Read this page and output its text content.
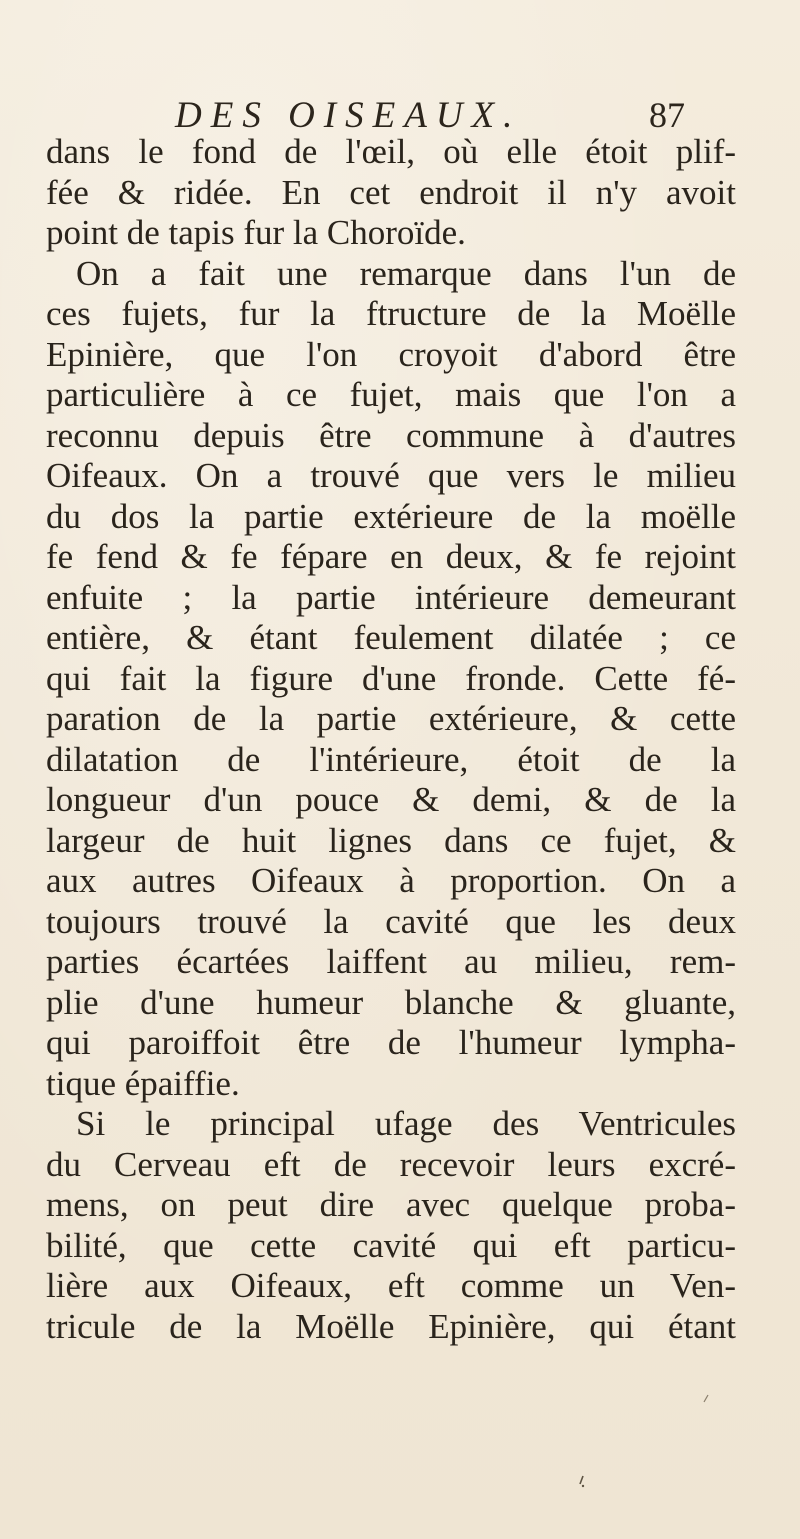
DES OISEAUX.	87
dans le fond de l'œil, où elle étoit plif-
fée & ridée. En cet endroit il n'y avoit
point de tapis fur la Choroïde.
On a fait une remarque dans l'un de
ces fujets, fur la ftructure de la Moëlle
Epinière, que l'on croyoit d'abord être
particulière à ce fujet, mais que l'on a
reconnu depuis être commune à d'autres
Oifeaux. On a trouvé que vers le milieu
du dos la partie extérieure de la moëlle
fe fend & fe fépare en deux, & fe rejoint
enfuite ; la partie intérieure demeurant
entière, & étant feulement dilatée ; ce
qui fait la figure d'une fronde. Cette fé-
paration de la partie extérieure, & cette
dilatation de l'intérieure, étoit de la
longueur d'un pouce & demi, & de la
largeur de huit lignes dans ce fujet, &
aux autres Oifeaux à proportion. On a
toujours trouvé la cavité que les deux
parties écartées laiffent au milieu, rem-
plie d'une humeur blanche & gluante,
qui paroiffoit être de l'humeur lympha-
tique épaiffie.
Si le principal ufage des Ventricules
du Cerveau eft de recevoir leurs excré-
mens, on peut dire avec quelque proba-
bilité, que cette cavité qui eft particu-
lière aux Oifeaux, eft comme un Ven-
tricule de la Moëlle Epinière, qui étant
